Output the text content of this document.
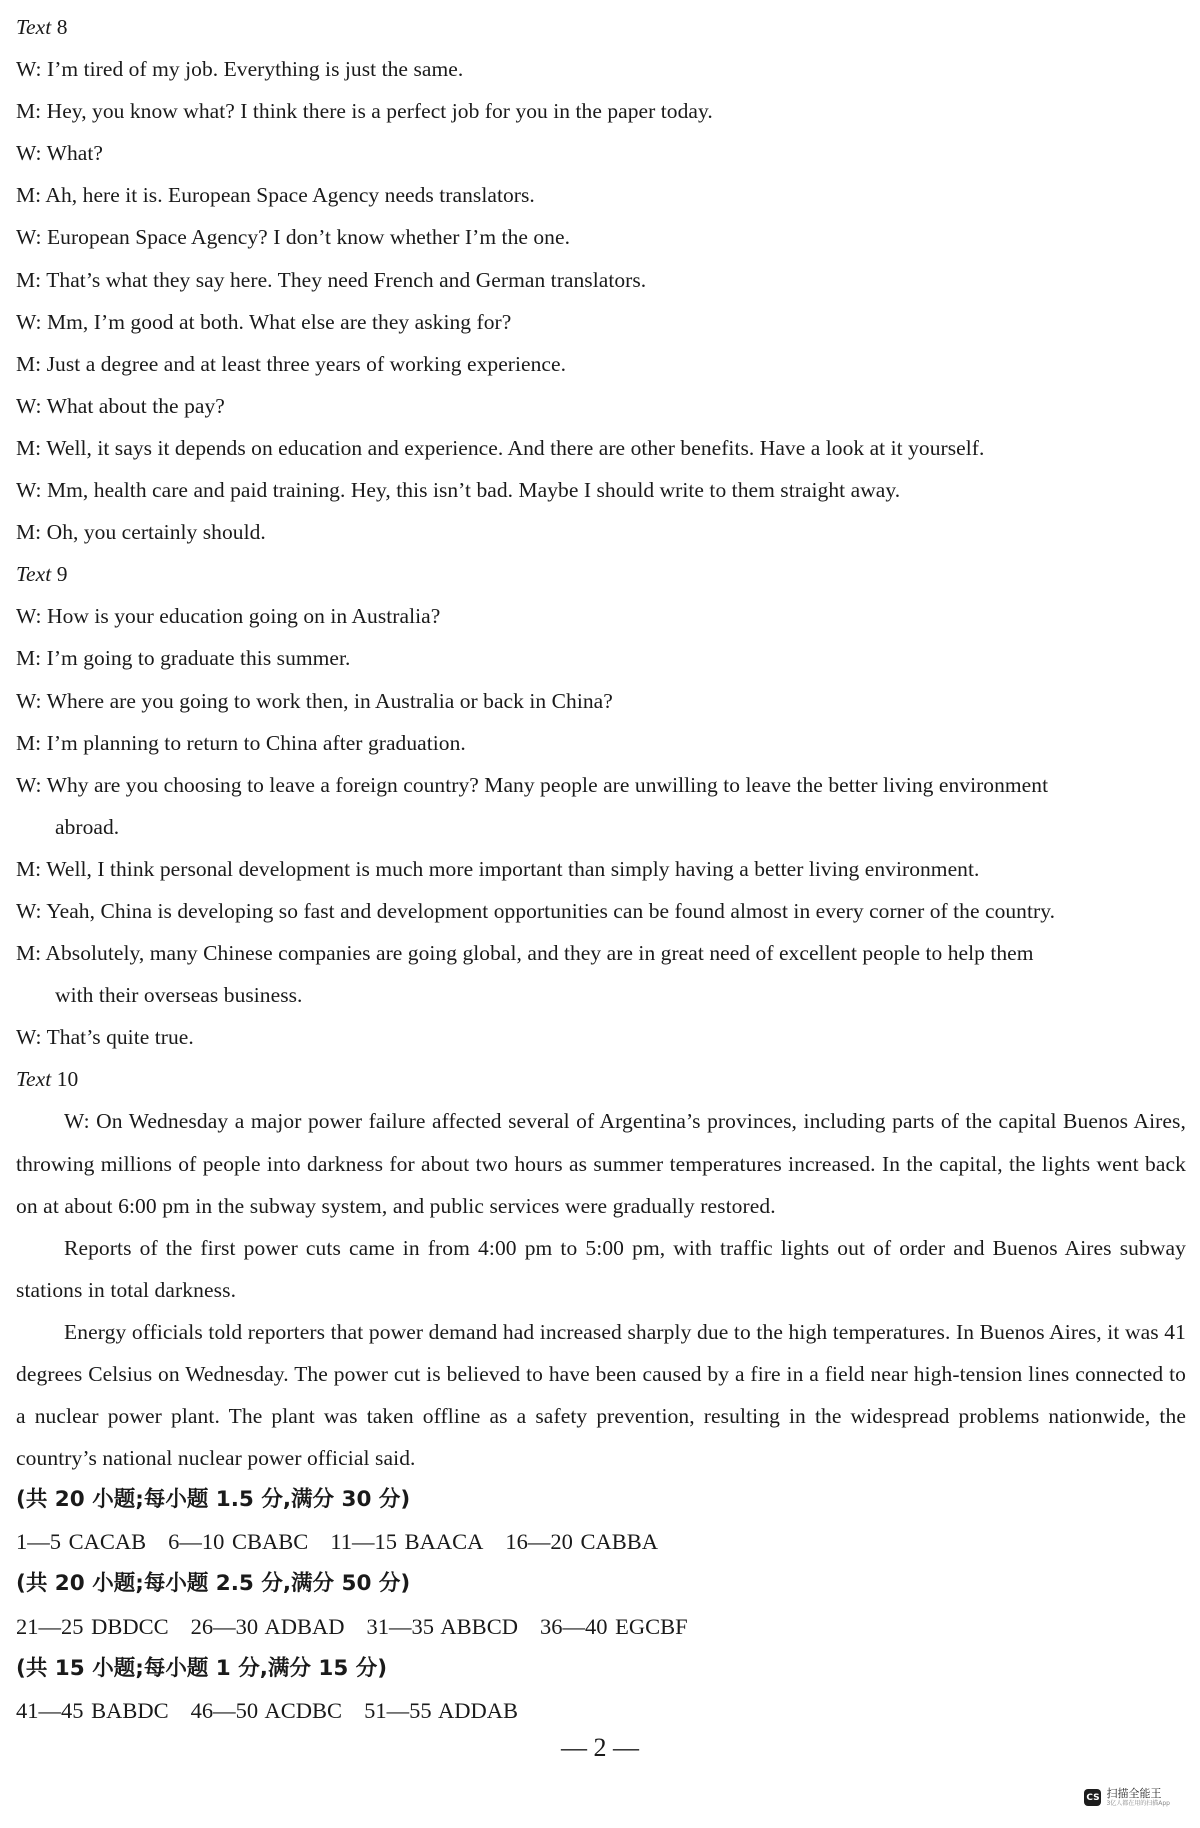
Text 8
W: I’m tired of my job. Everything is just the same.
M: Hey, you know what? I think there is a perfect job for you in the paper today.
W: What?
M: Ah, here it is. European Space Agency needs translators.
W: European Space Agency? I don’t know whether I’m the one.
M: That’s what they say here. They need French and German translators.
W: Mm, I’m good at both. What else are they asking for?
M: Just a degree and at least three years of working experience.
W: What about the pay?
M: Well, it says it depends on education and experience. And there are other benefits. Have a look at it yourself.
W: Mm, health care and paid training. Hey, this isn’t bad. Maybe I should write to them straight away.
M: Oh, you certainly should.
Text 9
W: How is your education going on in Australia?
M: I’m going to graduate this summer.
W: Where are you going to work then, in Australia or back in China?
M: I’m planning to return to China after graduation.
W: Why are you choosing to leave a foreign country? Many people are unwilling to leave the better living environment
abroad.
M: Well, I think personal development is much more important than simply having a better living environment.
W: Yeah, China is developing so fast and development opportunities can be found almost in every corner of the country.
M: Absolutely, many Chinese companies are going global, and they are in great need of excellent people to help them
with their overseas business.
W: That’s quite true.
Text 10

W: On Wednesday a major power failure affected several of Argentina’s provinces, including parts of the capital Buenos Aires, throwing millions of people into darkness for about two hours as summer temperatures increased. In the capital, the lights went back on at about 6:00 pm in the subway system, and public services were gradually restored.

Reports of the first power cuts came in from 4:00 pm to 5:00 pm, with traffic lights out of order and Buenos Aires subway stations in total darkness.

Energy officials told reporters that power demand had increased sharply due to the high temperatures. In Buenos Aires, it was 41 degrees Celsius on Wednesday. The power cut is believed to have been caused by a fire in a field near high-tension lines connected to a nuclear power plant. The plant was taken offline as a safety prevention, resulting in the widespread problems nationwide, the country’s national nuclear power official said.

(共 20 小题;每小题 1.5 分,满分 30 分)
1—5 CACAB 6—10 CBABC 11—15 BAACA 16—20 CABBA
(共 20 小题;每小题 2.5 分,满分 50 分)
21—25 DBDCC 26—30 ADBAD 31—35 ABBCD 36—40 EGCBF
(共 15 小题;每小题 1 分,满分 15 分)
41—45 BABDC 46—50 ACDBC 51—55 ADDAB
— 2 —
CS 扫描全能王
3亿人都在用的扫描App
